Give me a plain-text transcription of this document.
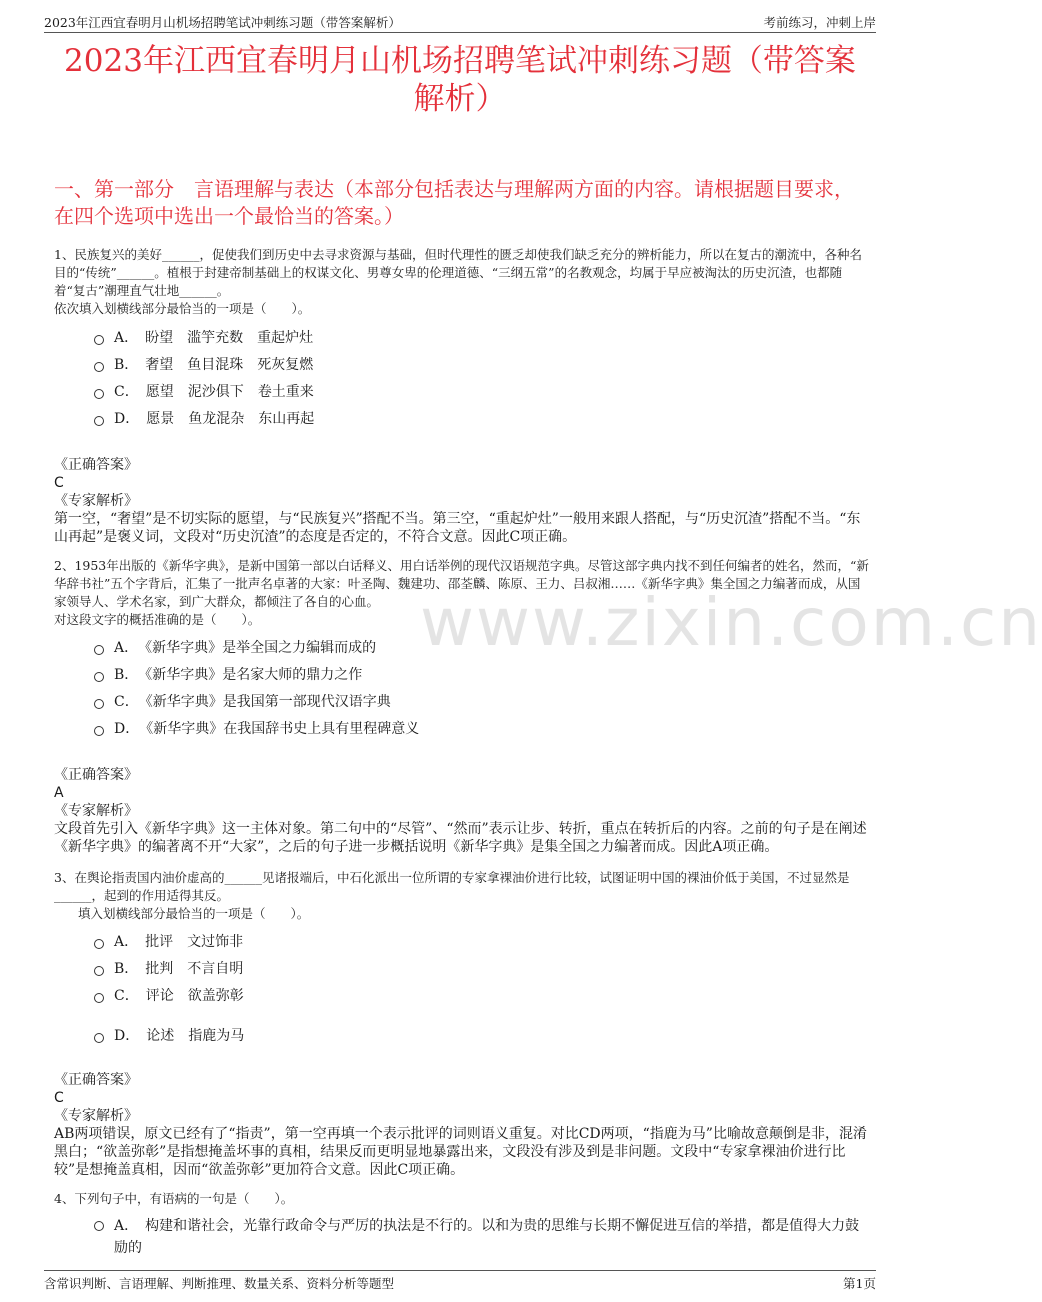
2023年江西宜春明月山机场招聘笔试冲刺练习题（带答案解析）	考前练习，冲刺上岸
2023年江西宜春明月山机场招聘笔试冲刺练习题（带答案解析）
一、第一部分　言语理解与表达（本部分包括表达与理解两方面的内容。请根据题目要求，在四个选项中选出一个最恰当的答案。）
www.zixin.com.cn

1、民族复兴的美好______，促使我们到历史中去寻求资源与基础，但时代理性的匮乏却使我们缺乏充分的辨析能力，所以在复古的潮流中，各种名目的“传统”______。植根于封建帝制基础上的权谋文化、男尊女卑的伦理道德、“三纲五常”的名教观念，均属于早应被淘汰的历史沉渣，也都随着“复古”潮理直气壮地______。

依次填入划横线部分最恰当的一项是（　　）。

A．　盼望　滥竽充数　重起炉灶
B．　奢望　鱼目混珠　死灰复燃
C．　愿望　泥沙俱下　卷土重来
D．　愿景　鱼龙混杂　东山再起
《正确答案》
C
《专家解析》
第一空，“奢望”是不切实际的愿望，与“民族复兴”搭配不当。第三空，“重起炉灶”一般用来跟人搭配，与“历史沉渣”搭配不当。“东山再起”是褒义词，文段对“历史沉渣”的态度是否定的，不符合文意。因此C项正确。

2、1953年出版的《新华字典》，是新中国第一部以白话释义、用白话举例的现代汉语规范字典。尽管这部字典内找不到任何编者的姓名，然而，“新华辞书社”五个字背后，汇集了一批声名卓著的大家：叶圣陶、魏建功、邵荃麟、陈原、王力、吕叔湘……《新华字典》集全国之力编著而成，从国家领导人、学术名家，到广大群众，都倾注了各自的心血。

对这段文字的概括准确的是（　　）。

A．　《新华字典》是举全国之力编辑而成的
B．　《新华字典》是名家大师的鼎力之作
C．　《新华字典》是我国第一部现代汉语字典
D．　《新华字典》在我国辞书史上具有里程碑意义
《正确答案》
A
《专家解析》
文段首先引入《新华字典》这一主体对象。第二句中的“尽管”、“然而”表示让步、转折，重点在转折后的内容。之前的句子是在阐述《新华字典》的编著离不开“大家”，之后的句子进一步概括说明《新华字典》是集全国之力编著而成。因此A项正确。

3、在舆论指责国内油价虚高的______见诸报端后，中石化派出一位所谓的专家拿裸油价进行比较，试图证明中国的裸油价低于美国，不过显然是______，起到的作用适得其反。

填入划横线部分最恰当的一项是（　　）。

A．　批评　文过饰非
B．　批判　不言自明
C．　评论　欲盖弥彰
D．　论述　指鹿为马
《正确答案》
C
《专家解析》
AB两项错误，原文已经有了“指责”，第一空再填一个表示批评的词则语义重复。对比CD两项，“指鹿为马”比喻故意颠倒是非，混淆黑白；“欲盖弥彰”是指想掩盖坏事的真相，结果反而更明显地暴露出来，文段没有涉及到是非问题。文段中“专家拿裸油价进行比较”是想掩盖真相，因而“欲盖弥彰”更加符合文意。因此C项正确。

4、下列句子中，有语病的一句是（　　）。

A．　构建和谐社会，光靠行政命令与严厉的执法是不行的。以和为贵的思维与长期不懈促进互信的举措，都是值得大力鼓励的
含常识判断、言语理解、判断推理、数量关系、资料分析等题型	第1页
